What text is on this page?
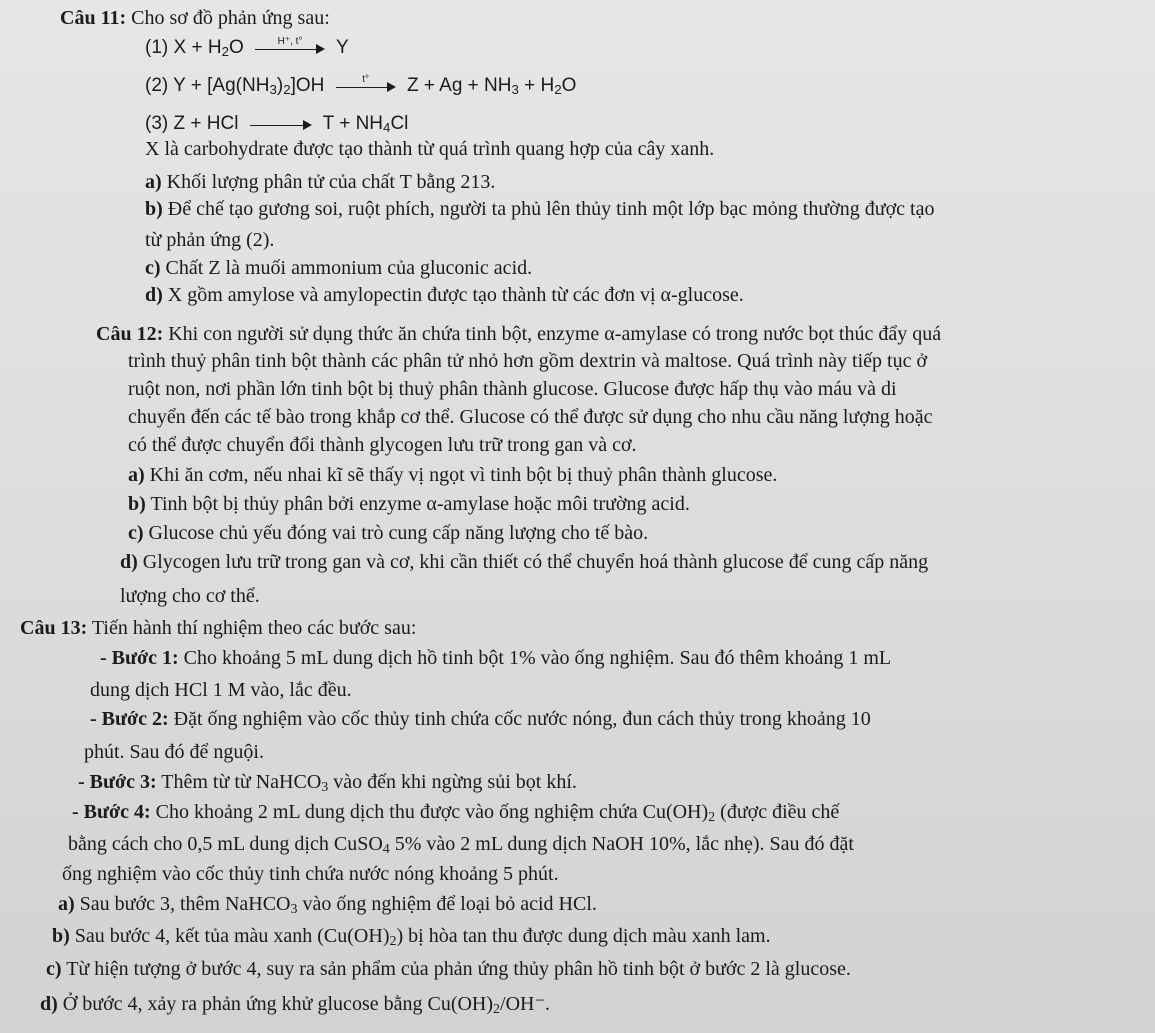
Câu 11: Cho sơ đồ phản ứng sau:
(1) $X + H_2O$	H⁺, t°	Y
(2) $Y + [Ag(NH_3)_2]OH$	t°	$Z + Ag + NH_3 + H_2O$
(3) Z + HCl	$T + NH_4Cl$
X là carbohydrate được tạo thành từ quá trình quang hợp của cây xanh.
a) Khối lượng phân tử của chất T bằng 213.
b) Để chế tạo gương soi, ruột phích, người ta phủ lên thủy tinh một lớp bạc mỏng thường được tạo
từ phản ứng (2).
c) Chất Z là muối ammonium của gluconic acid.
d) X gồm amylose và amylopectin được tạo thành từ các đơn vị α-glucose.
Câu 12: Khi con người sử dụng thức ăn chứa tinh bột, enzyme α-amylase có trong nước bọt thúc đẩy quá
trình thuỷ phân tinh bột thành các phân tử nhỏ hơn gồm dextrin và maltose. Quá trình này tiếp tục ở
ruột non, nơi phần lớn tinh bột bị thuỷ phân thành glucose. Glucose được hấp thụ vào máu và di
chuyển đến các tế bào trong khắp cơ thể. Glucose có thể được sử dụng cho nhu cầu năng lượng hoặc
có thể được chuyển đổi thành glycogen lưu trữ trong gan và cơ.
a) Khi ăn cơm, nếu nhai kĩ sẽ thấy vị ngọt vì tinh bột bị thuỷ phân thành glucose.
b) Tinh bột bị thủy phân bởi enzyme α-amylase hoặc môi trường acid.
c) Glucose chủ yếu đóng vai trò cung cấp năng lượng cho tế bào.
d) Glycogen lưu trữ trong gan và cơ, khi cần thiết có thể chuyển hoá thành glucose để cung cấp năng
lượng cho cơ thể.
Câu 13: Tiến hành thí nghiệm theo các bước sau:
- Bước 1: Cho khoảng 5 mL dung dịch hồ tinh bột 1% vào ống nghiệm. Sau đó thêm khoảng 1 mL
dung dịch HCl 1 M vào, lắc đều.
- Bước 2: Đặt ống nghiệm vào cốc thủy tinh chứa cốc nước nóng, đun cách thủy trong khoảng 10
phút. Sau đó để nguội.
- Bước 3: Thêm từ từ NaHCO$_3$ vào đến khi ngừng sủi bọt khí.
- Bước 4: Cho khoảng 2 mL dung dịch thu được vào ống nghiệm chứa $Cu(OH)_2$ (được điều chế
bằng cách cho 0,5 mL dung dịch CuSO$_4$ 5% vào 2 mL dung dịch NaOH 10%, lắc nhẹ). Sau đó đặt
ống nghiệm vào cốc thủy tinh chứa nước nóng khoảng 5 phút.
a) Sau bước 3, thêm NaHCO$_3$ vào ống nghiệm để loại bỏ acid HCl.
b) Sau bước 4, kết tủa màu xanh $(Cu(OH)_2)$ bị hòa tan thu được dung dịch màu xanh lam.
c) Từ hiện tượng ở bước 4, suy ra sản phẩm của phản ứng thủy phân hồ tinh bột ở bước 2 là glucose.
d) Ở bước 4, xảy ra phản ứng khử glucose bằng $Cu(OH)_2/OH^-$.
